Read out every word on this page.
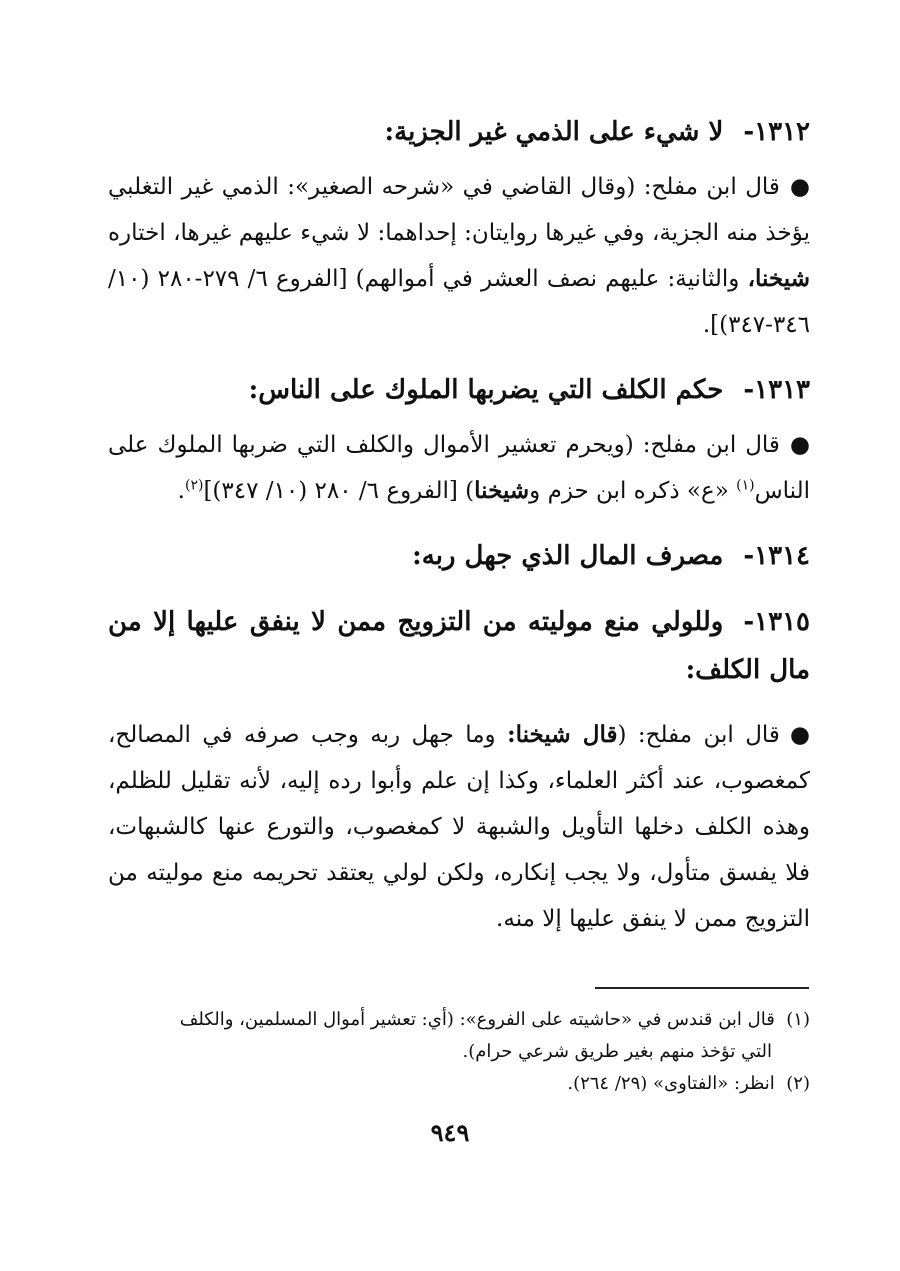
١٣١٢-لا شيء على الذمي غير الجزية:

●قال ابن مفلح: (وقال القاضي في «شرحه الصغير»: الذمي غير التغلبي يؤخذ منه الجزية، وفي غيرها روايتان: إحداهما: لا شيء عليهم غيرها، اختاره شيخنا، والثانية: عليهم نصف العشر في أموالهم) [الفروع ٦/ ٢٧٩-٢٨٠ (١٠/ ٣٤٦-٣٤٧)].

١٣١٣-حكم الكلف التي يضربها الملوك على الناس:

●قال ابن مفلح: (ويحرم تعشير الأموال والكلف التي ضربها الملوك على الناس$^{(١)}$ «ع» ذكره ابن حزم وشيخنا) [الفروع ٦/ ٢٨٠ (١٠/ ٣٤٧)]$^{(٢)}$.

١٣١٤-مصرف المال الذي جهل ربه:
١٣١٥-وللولي منع موليته من التزويج ممن لا ينفق عليها إلا من مال الكلف:

●قال ابن مفلح: (قال شيخنا: وما جهل ربه وجب صرفه في المصالح، كمغصوب، عند أكثر العلماء، وكذا إن علم وأبوا رده إليه، لأنه تقليل للظلم، وهذه الكلف دخلها التأويل والشبهة لا كمغصوب، والتورع عنها كالشبهات، فلا يفسق متأول، ولا يجب إنكاره، ولكن لولي يعتقد تحريمه منع موليته من التزويج ممن لا ينفق عليها إلا منه.

(١)  قال ابن قندس في «حاشيته على الفروع»: (أي: تعشير أموال المسلمين، والكلف

التي تؤخذ منهم بغير طريق شرعي حرام).

(٢)  انظر: «الفتاوى» (٢٩/ ٢٦٤).

٩٤٩
